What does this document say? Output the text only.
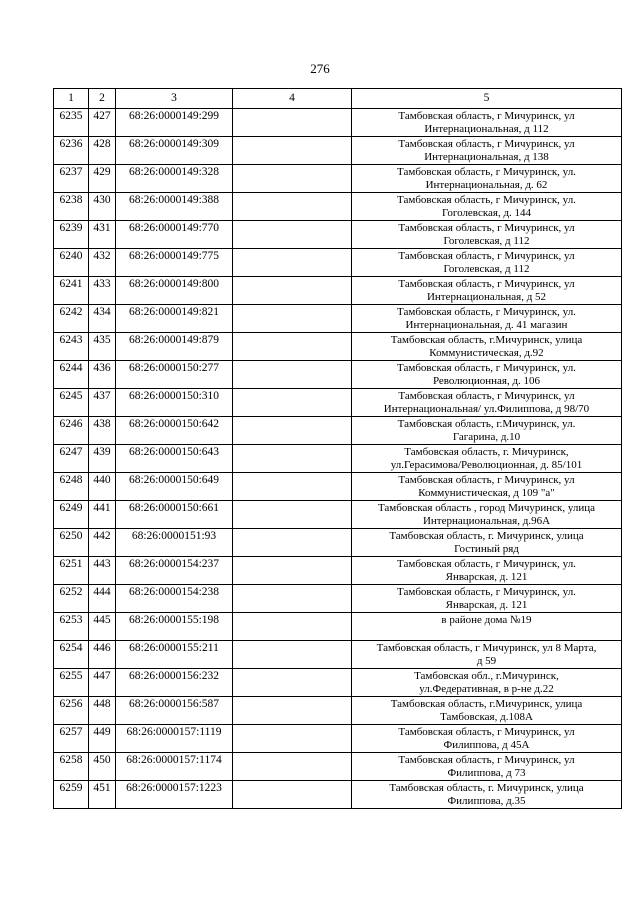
276
1	2	3	4	5
6235	427	68:26:0000149:299		Тамбовская область, г Мичуринск, ул
Интернациональная, д 112
6236	428	68:26:0000149:309		Тамбовская область, г Мичуринск, ул
Интернациональная, д 138
6237	429	68:26:0000149:328		Тамбовская область, г Мичуринск, ул.
Интернациональная, д. 62
6238	430	68:26:0000149:388		Тамбовская область, г Мичуринск, ул.
Гоголевская, д. 144
6239	431	68:26:0000149:770		Тамбовская область, г Мичуринск, ул
Гоголевская, д 112
6240	432	68:26:0000149:775		Тамбовская область, г Мичуринск, ул
Гоголевская, д 112
6241	433	68:26:0000149:800		Тамбовская область, г Мичуринск, ул
Интернациональная, д 52
6242	434	68:26:0000149:821		Тамбовская область, г Мичуринск, ул.
Интернациональная, д. 41 магазин
6243	435	68:26:0000149:879		Тамбовская область, г.Мичуринск, улица
Коммунистическая, д.92
6244	436	68:26:0000150:277		Тамбовская область, г Мичуринск, ул.
Революционная, д. 106
6245	437	68:26:0000150:310		Тамбовская область, г Мичуринск, ул
Интернациональная/ ул.Филиппова, д 98/70
6246	438	68:26:0000150:642		Тамбовская область, г.Мичуринск, ул.
Гагарина, д.10
6247	439	68:26:0000150:643		Тамбовская область, г. Мичуринск,
ул.Герасимова/Революционная, д. 85/101
6248	440	68:26:0000150:649		Тамбовская область, г Мичуринск, ул
Коммунистическая, д 109 "а"
6249	441	68:26:0000150:661		Тамбовская область , город Мичуринск, улица
Интернациональная, д.96А
6250	442	68:26:0000151:93		Тамбовская область, г. Мичуринск, улица
Гостиный ряд
6251	443	68:26:0000154:237		Тамбовская область, г Мичуринск, ул.
Январская, д. 121
6252	444	68:26:0000154:238		Тамбовская область, г Мичуринск, ул.
Январская, д. 121
6253	445	68:26:0000155:198		в районе дома №19
6254	446	68:26:0000155:211		Тамбовская область, г Мичуринск, ул 8 Марта,
д 59
6255	447	68:26:0000156:232		Тамбовская обл., г.Мичуринск,
ул.Федеративная, в р-не д.22
6256	448	68:26:0000156:587		Тамбовская область, г.Мичуринск, улица
Тамбовская, д.108А
6257	449	68:26:0000157:1119		Тамбовская область, г Мичуринск, ул
Филиппова, д 45А
6258	450	68:26:0000157:1174		Тамбовская область, г Мичуринск, ул
Филиппова, д 73
6259	451	68:26:0000157:1223		Тамбовская область, г. Мичуринск, улица
Филиппова, д.35
